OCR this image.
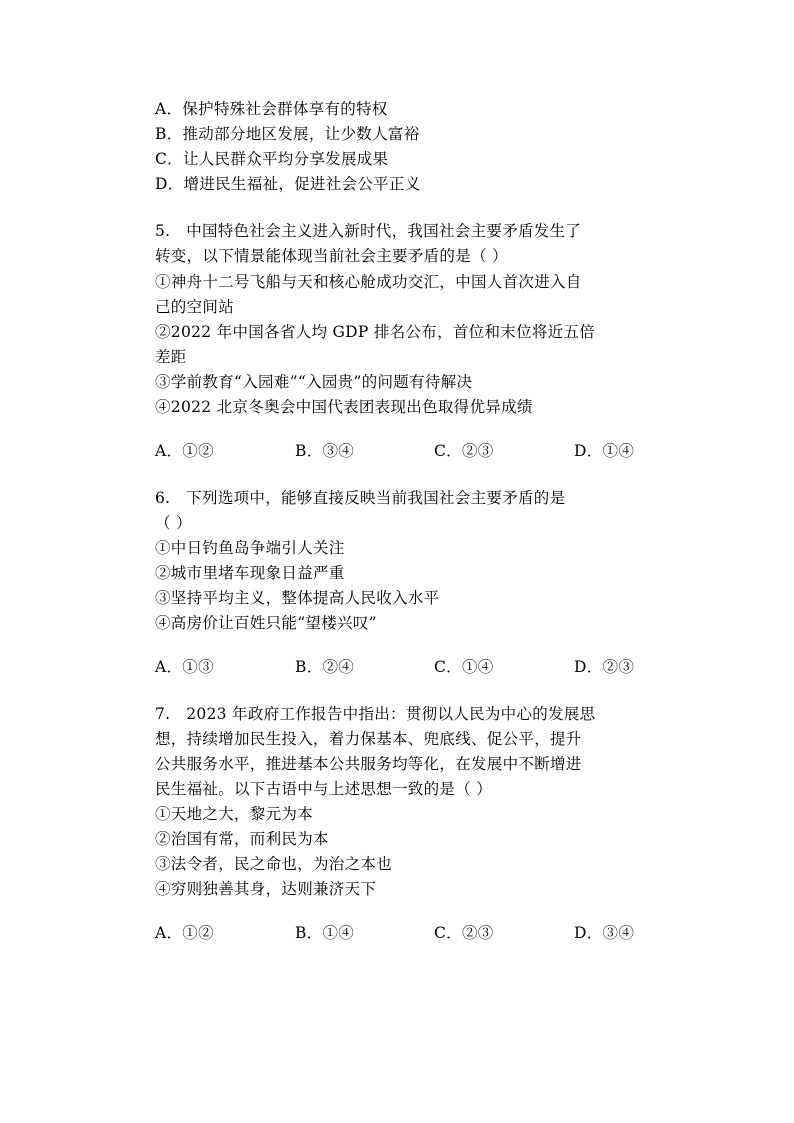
A．保护特殊社会群体享有的特权
B．推动部分地区发展，让少数人富裕
C．让人民群众平均分享发展成果
D．增进民生福祉，促进社会公平正义
5.　中国特色社会主义进入新时代，我国社会主要矛盾发生了
转变，以下情景能体现当前社会主要矛盾的是（ ）
①神舟十二号飞船与天和核心舱成功交汇，中国人首次进入自
己的空间站
②2022 年中国各省人均 GDP 排名公布，首位和末位将近五倍
差距
③学前教育“入园难”“入园贵”的问题有待解决
④2022 北京冬奥会中国代表团表现出色取得优异成绩
A．①②	B．③④	C．②③	D．①④
6.　下列选项中，能够直接反映当前我国社会主要矛盾的是
（ ）
①中日钓鱼岛争端引人关注
②城市里堵车现象日益严重
③坚持平均主义，整体提高人民收入水平
④高房价让百姓只能“望楼兴叹”
A．①③	B．②④	C．①④	D．②③
7.　2023 年政府工作报告中指出：贯彻以人民为中心的发展思
想，持续增加民生投入，着力保基本、兜底线、促公平，提升
公共服务水平，推进基本公共服务均等化，在发展中不断增进
民生福祉。以下古语中与上述思想一致的是（ ）
①天地之大，黎元为本
②治国有常，而利民为本
③法令者，民之命也，为治之本也
④穷则独善其身，达则兼济天下
A．①②	B．①④	C．②③	D．③④
